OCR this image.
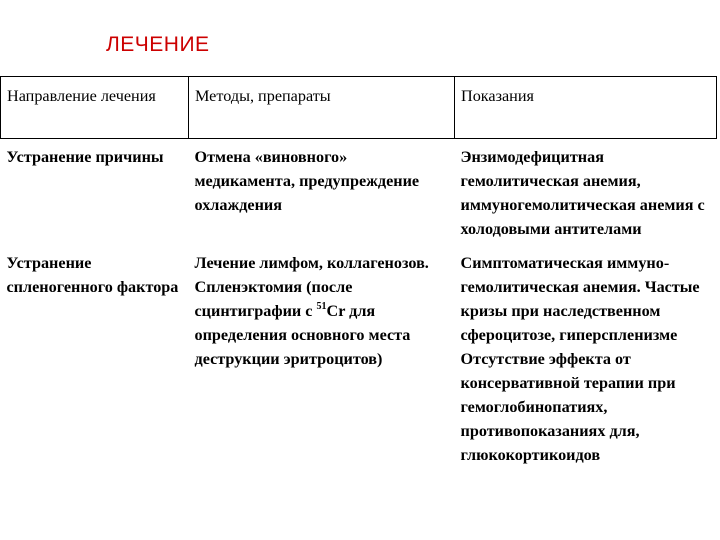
ЛЕЧЕНИЕ
Направление лечения	Методы, препараты	Показания
Устранение причины	Отмена «виновного» медикамента, предупреждение охлаждения	Энзимодефицитная гемолитическая анемия, иммуногемолитическая анемия с холодовыми антителами
Устранение спленогенного фактора	Лечение лимфом, коллагенозов. Спленэктомия (после сцинтиграфии с $^{51}$Cr для определения основного места деструкции эритроцитов)	Симптоматическая иммуно-гемолитическая анемия. Частые кризы при наследственном сфероцитозе, гиперспленизме Отсутствие эффекта от консервативной терапии при гемоглобинопатиях, противопоказаниях для, глюкокортикоидов
